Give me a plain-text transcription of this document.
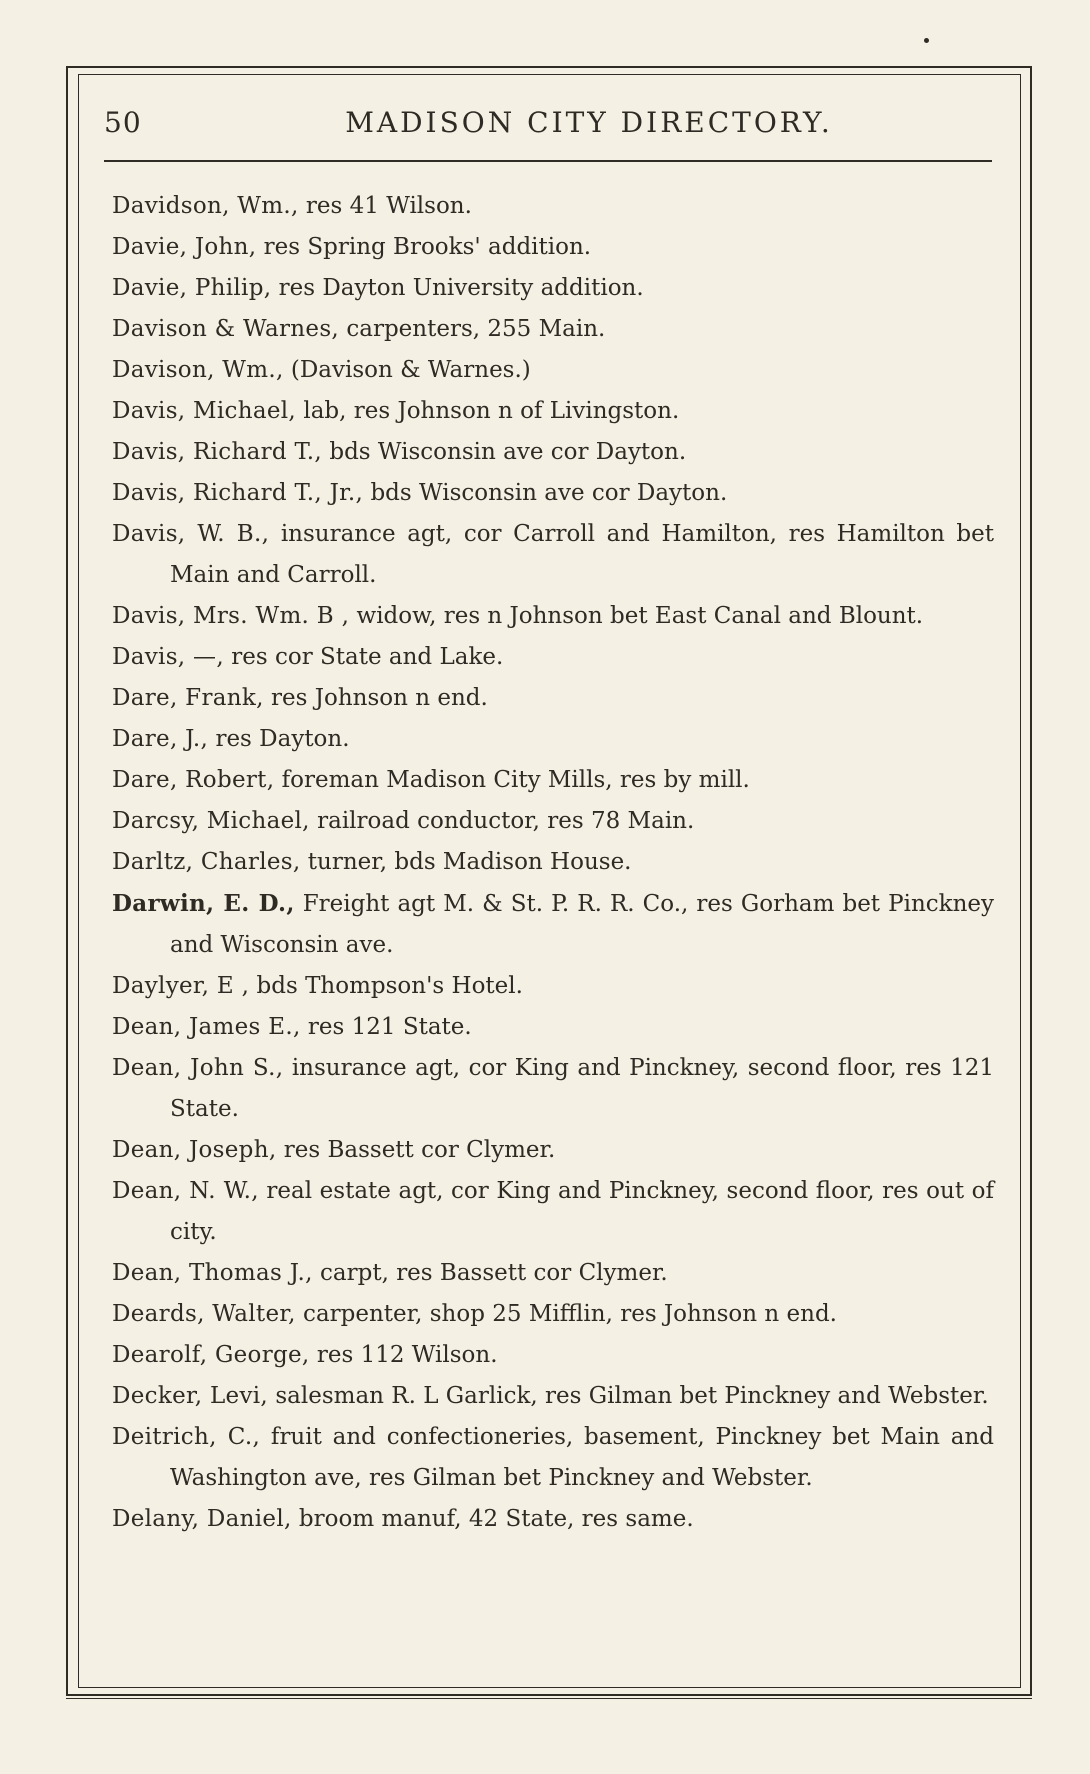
50	MADISON CITY DIRECTORY.
Davidson, Wm., res 41 Wilson.
Davie, John, res Spring Brooks' addition.
Davie, Philip, res Dayton University addition.
Davison & Warnes, carpenters, 255 Main.
Davison, Wm., (Davison & Warnes.)
Davis, Michael, lab, res Johnson n of Livingston.
Davis, Richard T., bds Wisconsin ave cor Dayton.
Davis, Richard T., Jr., bds Wisconsin ave cor Dayton.
Davis, W. B., insurance agt, cor Carroll and Hamilton, res Hamilton bet Main and Carroll.
Davis, Mrs. Wm. B , widow, res n Johnson bet East Canal and Blount.
Davis, —, res cor State and Lake.
Dare, Frank, res Johnson n end.
Dare, J., res Dayton.
Dare, Robert, foreman Madison City Mills, res by mill.
Darcsy, Michael, railroad conductor, res 78 Main.
Darltz, Charles, turner, bds Madison House.
Darwin, E. D., Freight agt M. & St. P. R. R. Co., res Gorham bet Pinckney and Wisconsin ave.
Daylyer, E , bds Thompson's Hotel.
Dean, James E., res 121 State.
Dean, John S., insurance agt, cor King and Pinckney, second floor, res 121 State.
Dean, Joseph, res Bassett cor Clymer.
Dean, N. W., real estate agt, cor King and Pinckney, second floor, res out of city.
Dean, Thomas J., carpt, res Bassett cor Clymer.
Deards, Walter, carpenter, shop 25 Mifflin, res Johnson n end.
Dearolf, George, res 112 Wilson.
Decker, Levi, salesman R. L Garlick, res Gilman bet Pinckney and Webster.
Deitrich, C., fruit and confectioneries, basement, Pinckney bet Main and Washington ave, res Gilman bet Pinckney and Webster.
Delany, Daniel, broom manuf, 42 State, res same.
